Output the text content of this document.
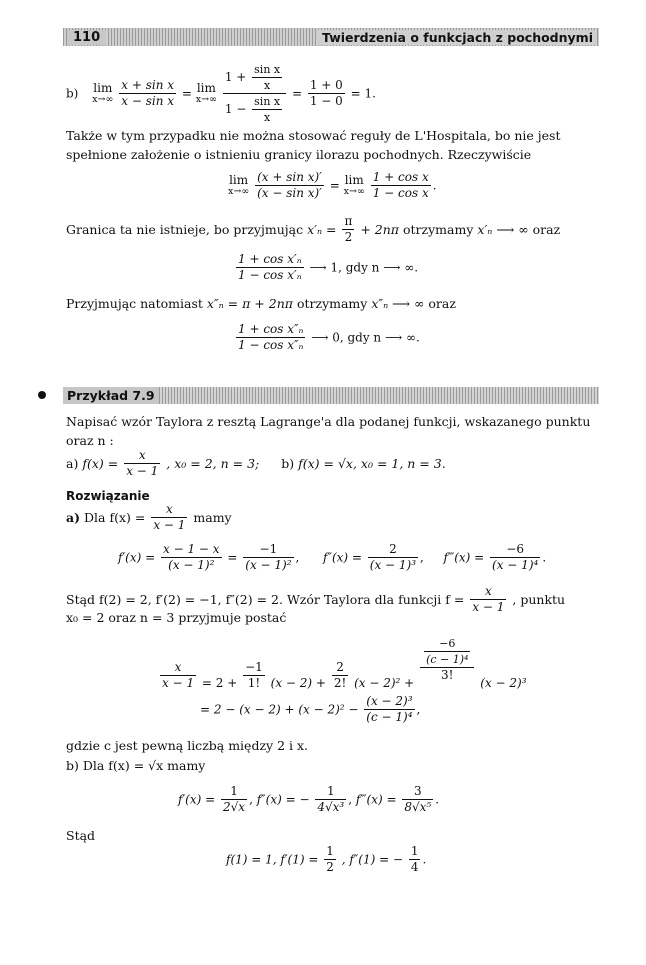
110	Twierdzenia o funkcjach z pochodnymi
b) lim
x→∞
$\frac{\text{x + sin x}}{\text{x − sin x}} = \lim$
x→∞
$\frac{1 + \frac{\text{sin x}}{x}}{1 - \frac{\text{sin x}}{x}} = \frac{1 + 0}{1 - 0} = 1$.
Także w tym przypadku nie można stosować reguły de L'Hospitala, bo nie jest spełnione założenie o istnieniu granicy ilorazu pochodnych. Rzeczywiście
lim
x→∞
$\frac{\text{(x + sin x)′}}{\text{(x − sin x)′}} = \lim$
x→∞
$\frac{\text{1 + cos x}}{\text{1 − cos x}}$ .
Granica ta nie istnieje, bo przyjmując $x'_n = \frac{\pi}{2} + 2n\pi$ otrzymamy x′ₙ ⟶ ∞ oraz
$\frac{\text{1 + cos x′ₙ}}{\text{1 − cos x′ₙ}}$ ⟶ 1, gdy n ⟶ ∞.
Przyjmując natomiast x″ₙ = π + 2nπ otrzymamy x″ₙ ⟶ ∞ oraz
$\frac{\text{1 + cos x″ₙ}}{\text{1 − cos x″ₙ}}$ ⟶ 0, gdy n ⟶ ∞.
Przykład 7.9
Napisać wzór Taylora z resztą Lagrange'a dla podanej funkcji, wskazanego punktu oraz n :
a) $f(x) = \frac{x}{x - 1}$ , x₀ = 2, n = 3; b) f(x) = √x, x₀ = 1, n = 3.
Rozwiązanie
a) Dla $f(x) = \frac{x}{x - 1}$ mamy
$f'(x) = \frac{x - 1 - x}{\text{(x − 1)²}} = \frac{-1}{\text{(x − 1)²}}$ , $f''(x) = \frac{2}{\text{(x − 1)³}}$ , f‴(x) = $\frac{-6}{\text{(x − 1)⁴}}$ .
Stąd f(2) = 2, f′(2) = −1, f″(2) = 2. Wzór Taylora dla funkcji $f = \frac{x}{x - 1}$ , punktu
x₀ = 2 oraz n = 3 przyjmuje postać
$\frac{x}{x - 1} = 2 + \frac{-1}{1!} (x - 2) + \frac{2}{2!} (x - 2)^2 + \frac{\frac{-6}{\text{(c − 1)⁴}}}{3!} (x - 2)^3$
= $2 - (x - 2) + (x - 2)^2 - \frac{\text{(x − 2)³}}{\text{(c − 1)⁴}}$ ,
gdzie c jest pewną liczbą między 2 i x.
b) Dla f(x) = √x mamy
$f'(x) = \frac{1}{2√x}$ , f″(x) = − $\frac{1}{\text{4√x³}}$ , f‴(x) = $\frac{3}{\text{8√x⁵}}$ .
Stąd
f(1) = 1, $f'(1) = \frac{1}{2}$ , f″(1) = − $\frac{1}{4}$ .
